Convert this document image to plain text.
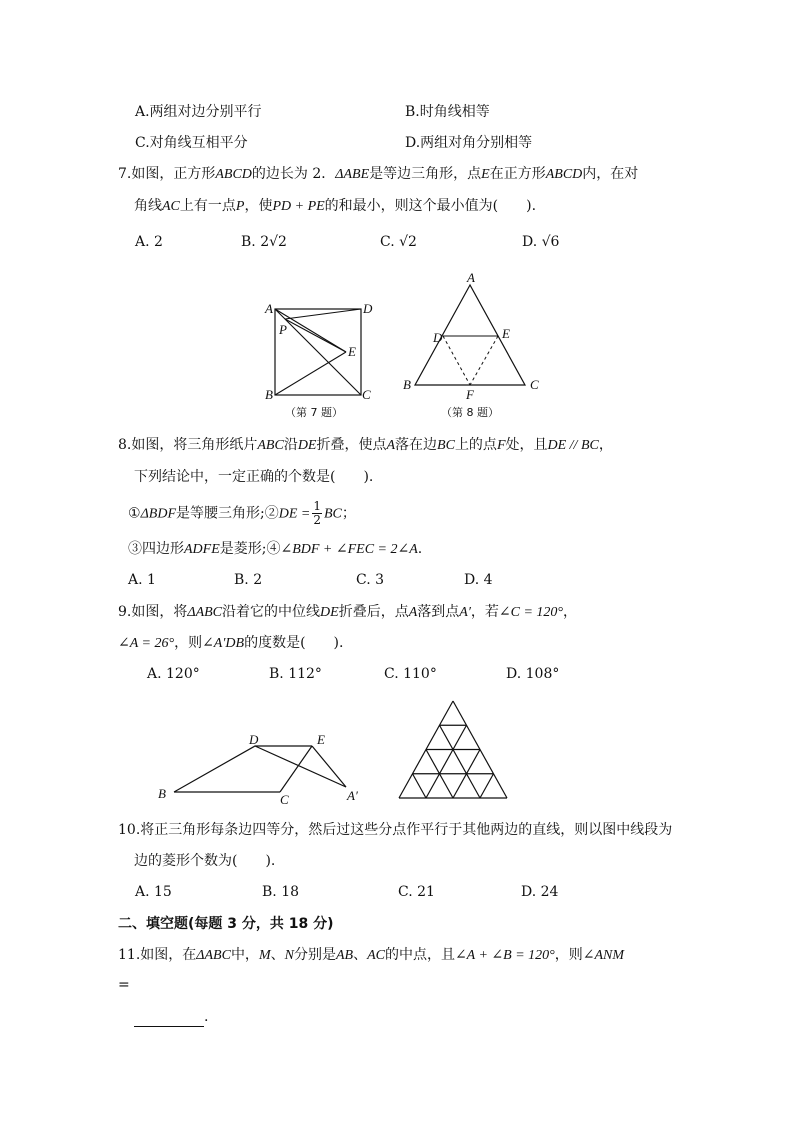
A.两组对边分别平行	B.时角线相等
C.对角线互相平分	D.两组对角分别相等
7.如图，正方形ABCD的边长为 2．ΔABE是等边三角形，点E在正方形ABCD内，在对
角线AC上有一点P，使PD + PE的和最小，则这个最小值为(　　).
A. 2	B. 2√2	C. √2	D. √6
A	D
B	C
P
E
（第 7 题）
A
D	E
B	C
F
（第 8 题）
8.如图，将三角形纸片ABC沿DE折叠，使点A落在边BC上的点F处，且DE // BC，
下列结论中，一定正确的个数是(　　).
①ΔBDF是等腰三角形;②DE = $\frac{1}{2}$ BC；
③四边形ADFE是菱形;④∠BDF + ∠FEC = 2∠A.
A. 1	B. 2	C. 3	D. 4
9.如图，将ΔABC沿着它的中位线DE折叠后，点A落到点A′，若∠C = 120°，
∠A = 26°，则∠A′DB的度数是(　　).
A. 120°	B. 112°	C. 110°	D. 108°
B	C
D	E
A′
10.将正三角形每条边四等分，然后过这些分点作平行于其他两边的直线，则以图中线段为
边的菱形个数为(　　).
A. 15	B. 18	C. 21	D. 24
二、填空题(每题 3 分，共 18 分)
11.如图，在ΔABC中，M、N分别是AB、AC的中点，且∠A + ∠B = 120°，则∠ANM
=
.
